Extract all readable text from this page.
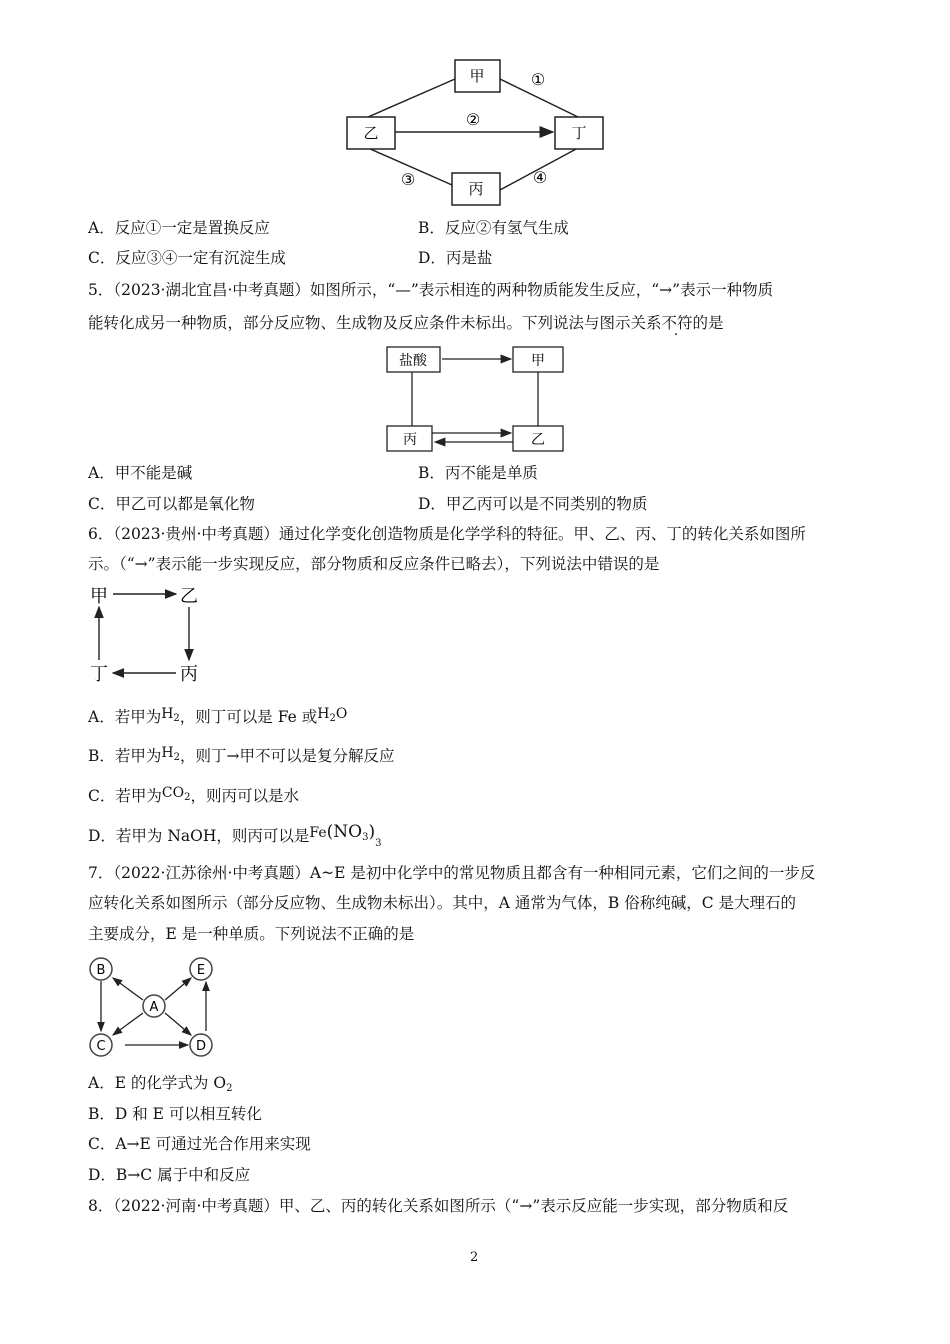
甲
乙	丁
丙
①
②
③	④
A．反应①一定是置换反应	B．反应②有氢气生成
C．反应③④一定有沉淀生成	D．丙是盐
5．（2023·湖北宜昌·中考真题）如图所示，“—”表示相连的两种物质能发生反应，“→”表示一种物质
能转化成另一种物质，部分反应物、生成物及反应条件未标出。下列说法与图示关系不符的是
盐酸	甲
丙	乙
A．甲不能是碱	B．丙不能是单质
C．甲乙可以都是氧化物	D．甲乙丙可以是不同类别的物质
6．（2023·贵州·中考真题）通过化学变化创造物质是化学学科的特征。甲、乙、丙、丁的转化关系如图所
示。（“→”表示能一步实现反应，部分物质和反应条件已略去），下列说法中错误的是
甲	乙
丁	丙
A．若甲为$H_2$，则丁可以是 Fe 或$H_2O$
B．若甲为$H_2$，则丁→甲不可以是复分解反应
C．若甲为$CO_2$，则丙可以是水
D．若甲为 NaOH，则丙可以是$Fe(NO_3)_3$
7．（2022·江苏徐州·中考真题）A~E 是初中化学中的常见物质且都含有一种相同元素，它们之间的一步反
应转化关系如图所示（部分反应物、生成物未标出）。其中，A 通常为气体，B 俗称纯碱，C 是大理石的
主要成分，E 是一种单质。下列说法不正确的是
B	E
A
C	D
A．E 的化学式为 $O_2$
B．D 和 E 可以相互转化
C．A→E 可通过光合作用来实现
D．B→C 属于中和反应
8．（2022·河南·中考真题）甲、乙、丙的转化关系如图所示（“→”表示反应能一步实现，部分物质和反
2
